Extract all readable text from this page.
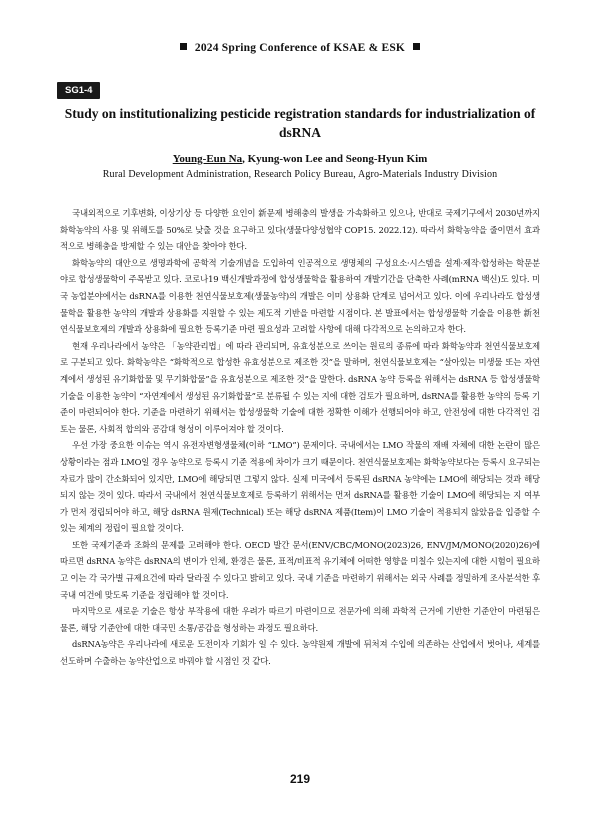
2024 Spring Conference of KSAE & ESK
SG1-4
Study on institutionalizing pesticide registration standards for industrialization of dsRNA
Young-Eun Na, Kyung-won Lee and Seong-Hyun Kim
Rural Development Administration, Research Policy Bureau, Agro-Materials Industry Division

국내외적으로 기후변화, 이상기상 등 다양한 요인이 新문제 병해충의 발생을 가속화하고 있으나, 반대로 국제기구에서 2030년까지 화학농약의 사용 및 위해도를 50%로 낮출 것을 요구하고 있다(생물다양성협약 COP15. 2022.12). 따라서 화학농약을 줄이면서 효과적으로 병해충을 방제할 수 있는 대안을 찾아야 한다.

화학농약의 대안으로 생명과학에 공학적 기술개념을 도입하여 인공적으로 생명체의 구성요소·시스템을 설계·제작·합성하는 학문분야로 합성생물학이 주목받고 있다. 코로나19 백신개발과정에 합성생물학을 활용하여 개발기간을 단축한 사례(mRNA 백신)도 있다. 미국 농업분야에서는 dsRNA를 이용한 천연식물보호제(생물농약)의 개발은 이미 상용화 단계로 넘어서고 있다. 이에 우리나라도 합성생물학을 활용한 농약의 개발과 상용화를 지원할 수 있는 제도적 기반을 마련할 시점이다. 본 발표에서는 합성생물학 기술을 이용한 新천연식물보호제의 개발과 상용화에 필요한 등록기준 마련 필요성과 고려할 사항에 대해 다각적으로 논의하고자 한다.

현재 우리나라에서 농약은 「농약관리법」에 따라 관리되며, 유효성분으로 쓰이는 원료의 종류에 따라 화학농약과 천연식물보호제로 구분되고 있다. 화학농약은 “화학적으로 합성한 유효성분으로 제조한 것”을 말하며, 천연식물보호제는 “살아있는 미생물 또는 자연계에서 생성된 유기화합물 및 무기화합물”을 유효성분으로 제조한 것”을 말한다. dsRNA 농약 등록을 위해서는 dsRNA 등 합성생물학 기술을 이용한 농약이 “자연계에서 생성된 유기화합물”로 분류될 수 있는 지에 대한 검토가 필요하며, dsRNA를 활용한 농약의 등록 기준이 마련되어야 한다. 기준을 마련하기 위해서는 합성생물학 기술에 대한 정확한 이해가 선행되어야 하고, 안전성에 대한 다각적인 검토는 물론, 사회적 합의와 공감대 형성이 이루어져야 할 것이다.

우선 가장 중요한 이슈는 역시 유전자변형생물체(이하 “LMO”) 문제이다. 국내에서는 LMO 작물의 재배 자체에 대한 논란이 많은 상황이라는 점과 LMO일 경우 농약으로 등록시 기준 적용에 차이가 크기 때문이다. 천연식물보호제는 화학농약보다는 등록시 요구되는 자료가 많이 간소화되어 있지만, LMO에 해당되면 그렇지 않다. 실제 미국에서 등록된 dsRNA 농약에는 LMO에 해당되는 것과 해당되지 않는 것이 있다. 따라서 국내에서 천연식물보호제로 등록하기 위해서는 먼저 dsRNA를 활용한 기술이 LMO에 해당되는 지 여부가 먼저 정립되어야 하고, 해당 dsRNA 원제(Technical) 또는 해당 dsRNA 제품(Item)이 LMO 기술이 적용되지 않았음을 입증할 수 있는 체계의 정립이 필요할 것이다.

또한 국제기준과 조화의 문제를 고려해야 한다. OECD 발간 문서(ENV/CBC/MONO(2023)26, ENV/JM/MONO(2020)26)에 따르면 dsRNA 농약은 dsRNA의 변이가 인체, 환경은 물론, 표적/비표적 유기체에 어떠한 영향을 미칠수 있는지에 대한 시험이 필요하고 이는 각 국가별 규제요건에 따라 달라질 수 있다고 밝히고 있다. 국내 기준을 마련하기 위해서는 외국 사례를 정밀하게 조사분석한 후 국내 여건에 맞도록 기준을 정립해야 할 것이다.

마지막으로 새로운 기술은 항상 부작용에 대한 우려가 따르기 마련이므로 전문가에 의해 과학적 근거에 기반한 기준안이 마련됨은 물론, 해당 기준안에 대한 대국민 소통/공감을 형성하는 과정도 필요하다.

dsRNA농약은 우리나라에 새로운 도전이자 기회가 일 수 있다. 농약원제 개발에 뒤처져 수입에 의존하는 산업에서 벗어나, 세계를 선도하며 수출하는 농약산업으로 바꿔야 할 시점인 것 같다.

219
